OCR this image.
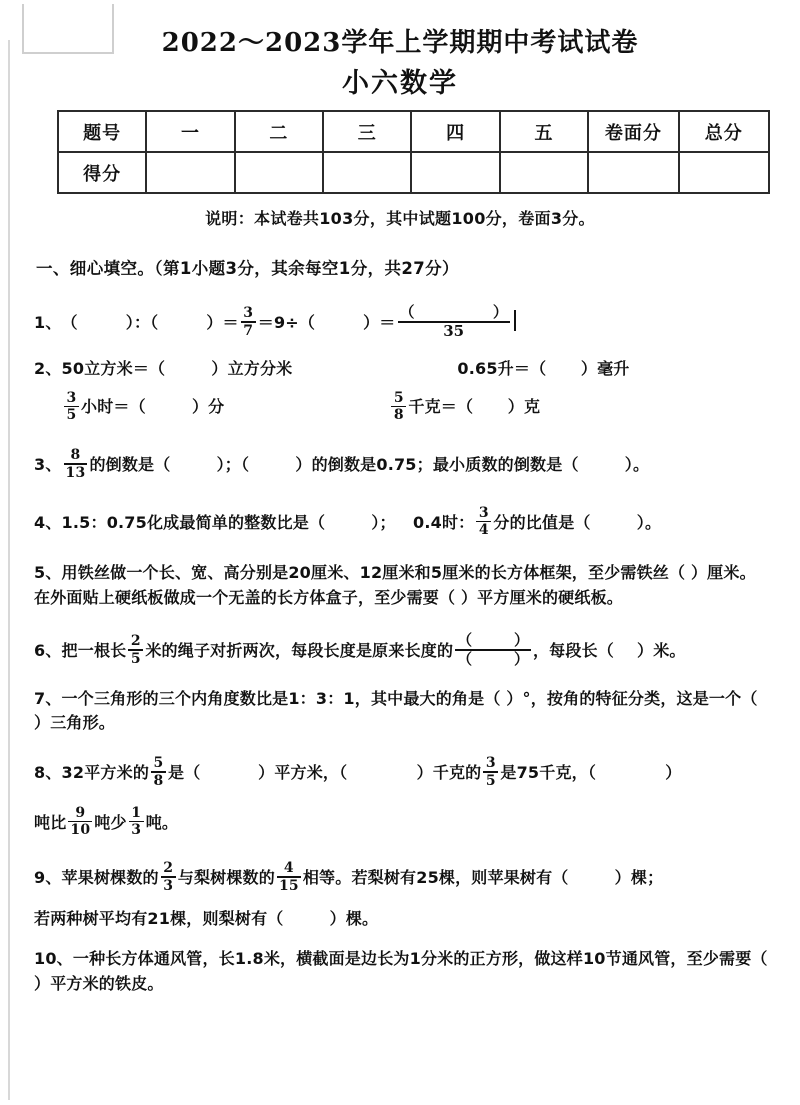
2022～2023学年上学期期中考试试卷
小六数学
题号	一	二	三	四	五	卷面分	总分
得分							
说明：本试卷共103分，其中试题100分，卷面3分。
一、细心填空。（第1小题3分，其余每空1分，共27分）
1、 （	）：（	）＝ $\frac{3}{7} =9\div$（	）＝ $\frac{( )}{35}$
2、 50立方米＝（        ）立方分米	0.65升＝（      ）毫升
$\frac{3}{5}$ 小时＝（        ）分	$\frac{5}{8}$ 千克＝（      ）克
3、 $\frac{8}{13}$ 的倒数是（        ）；（        ）的倒数是0.75；最小质数的倒数是（        ）。
4、 1.5：0.75化成最简单的整数比是（        ）；   0.4时： $\frac{3}{4}$ 分的比值是（        ）。
5、用铁丝做一个长、宽、高分别是20厘米、12厘米和5厘米的长方体框架，至少需铁丝（ ）厘米。在外面贴上硬纸板做成一个无盖的长方体盒子，至少需要（ ）平方厘米的硬纸板。
6、 把一根长 $\frac{2}{5}$ 米的绳子对折两次，每段长度是原来长度的 $\frac{( )}{( )}$ ，每段长（    ）米。
7、一个三角形的三个内角度数比是1：3：1，其中最大的角是（ ）°，按角的特征分类，这是一个（ ）三角形。
8、 32平方米的 $\frac{5}{8}$ 是（          ）平方米，（            ）千克的 $\frac{3}{5}$ 是75千克，（            ）
吨比 $\frac{9}{10}$ 吨少 $\frac{1}{3}$ 吨。
9、 苹果树棵数的 $\frac{2}{3}$ 与梨树棵数的 $\frac{4}{15}$ 相等。若梨树有25棵，则苹果树有（        ）棵；
若两种树平均有21棵，则梨树有（        ）棵。
10、一种长方体通风管，长1.8米，横截面是边长为1分米的正方形，做这样10节通风管，至少需要（ ）平方米的铁皮。
